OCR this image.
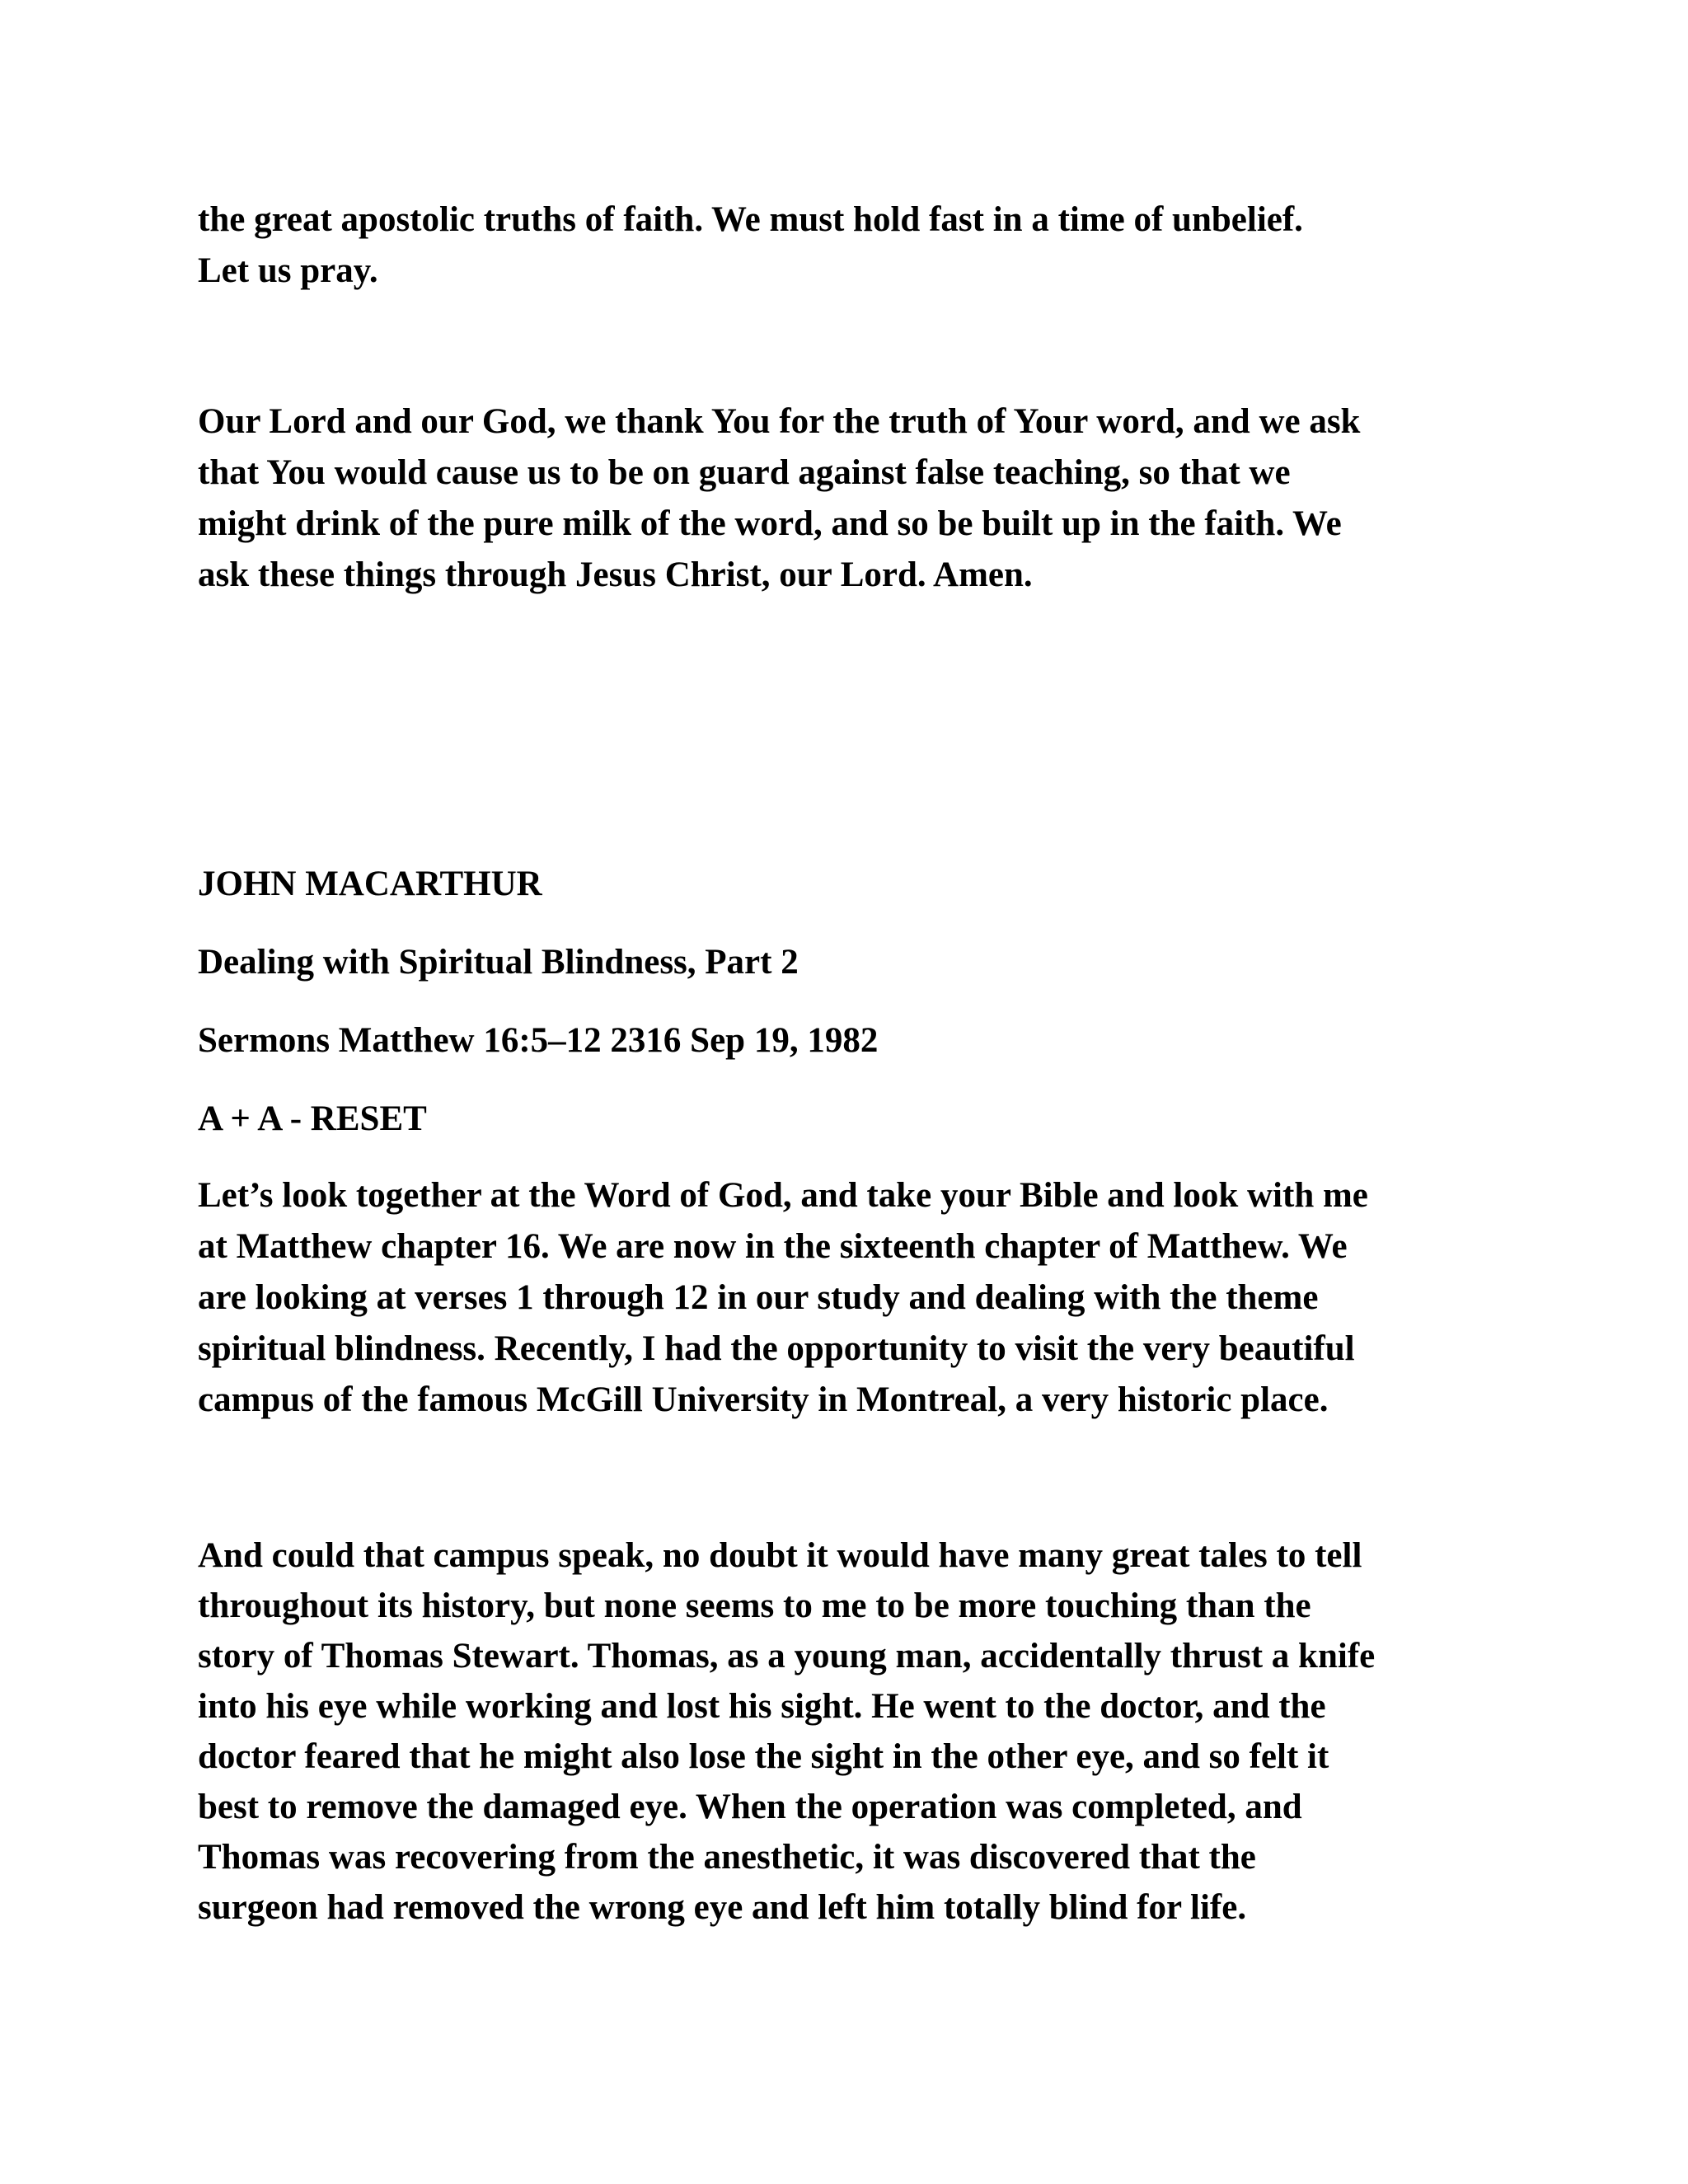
the great apostolic truths of faith. We must hold fast in a time of unbelief.

Let us pray.

Our Lord and our God, we thank You for the truth of Your word, and we ask

that You would cause us to be on guard against false teaching, so that we

might drink of the pure milk of the word, and so be built up in the faith. We

ask these things through Jesus Christ, our Lord. Amen.

JOHN MACARTHUR

Dealing with Spiritual Blindness, Part 2

Sermons Matthew 16:5–12 2316 Sep 19, 1982

A + A - RESET

Let’s look together at the Word of God, and take your Bible and look with me

at Matthew chapter 16. We are now in the sixteenth chapter of Matthew. We

are looking at verses 1 through 12 in our study and dealing with the theme

spiritual blindness. Recently, I had the opportunity to visit the very beautiful

campus of the famous McGill University in Montreal, a very historic place.

And could that campus speak, no doubt it would have many great tales to tell

throughout its history, but none seems to me to be more touching than the

story of Thomas Stewart. Thomas, as a young man, accidentally thrust a knife

into his eye while working and lost his sight. He went to the doctor, and the

doctor feared that he might also lose the sight in the other eye, and so felt it

best to remove the damaged eye. When the operation was completed, and

Thomas was recovering from the anesthetic, it was discovered that the

surgeon had removed the wrong eye and left him totally blind for life.
